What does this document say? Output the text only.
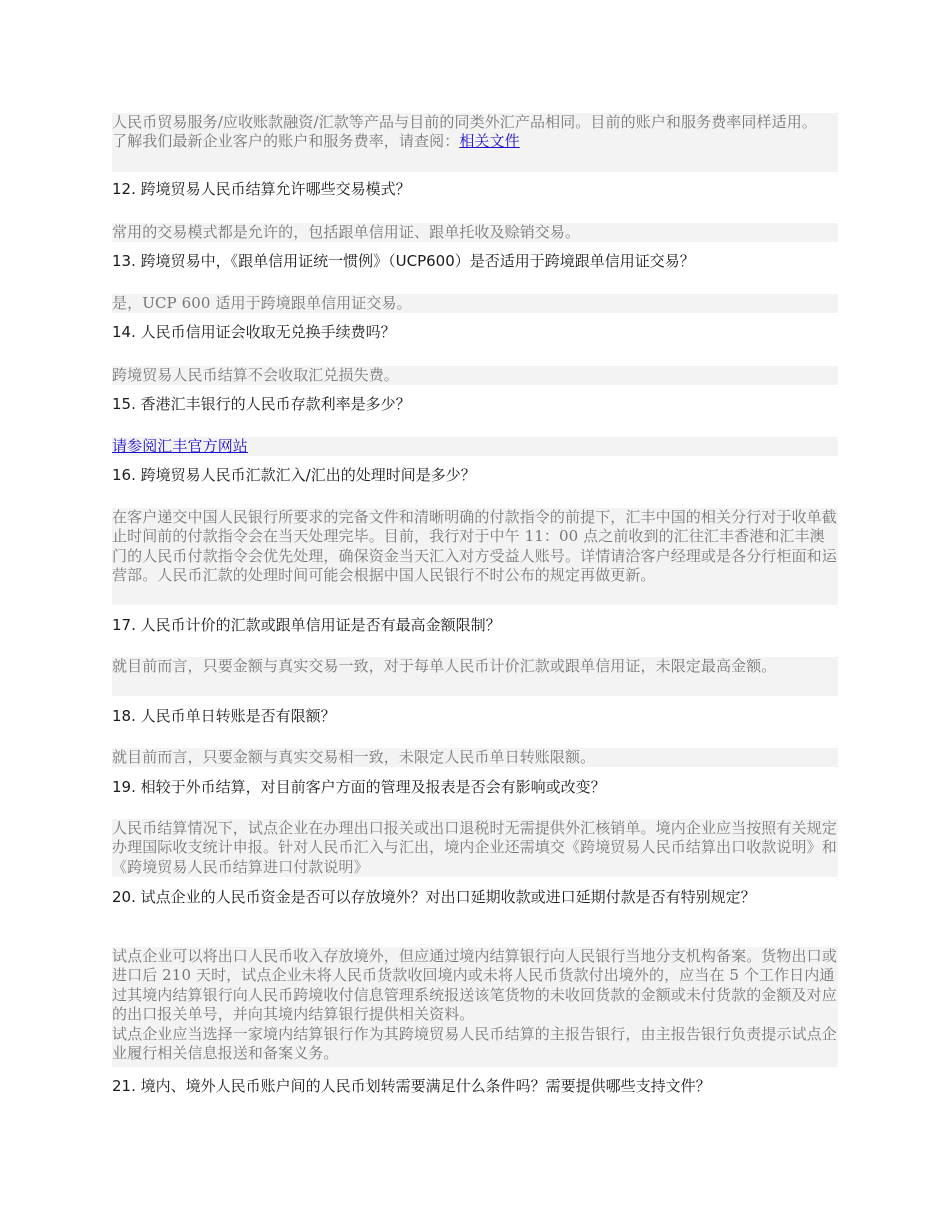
人民币贸易服务/应收账款融资/汇款等产品与目前的同类外汇产品相同。目前的账户和服务费率同样适用。

了解我们最新企业客户的账户和服务费率，请查阅：相关文件

12. 跨境贸易人民币结算允许哪些交易模式？

常用的交易模式都是允许的，包括跟单信用证、跟单托收及赊销交易。

13. 跨境贸易中，《跟单信用证统一惯例》（UCP600）是否适用于跨境跟单信用证交易？

是，UCP 600 适用于跨境跟单信用证交易。

14. 人民币信用证会收取无兑换手续费吗？

跨境贸易人民币结算不会收取汇兑损失费。

15. 香港汇丰银行的人民币存款利率是多少？

请参阅汇丰官方网站

16. 跨境贸易人民币汇款汇入/汇出的处理时间是多少？

在客户递交中国人民银行所要求的完备文件和清晰明确的付款指令的前提下，汇丰中国的相关分行对于收单截止时间前的付款指令会在当天处理完毕。目前，我行对于中午 11：00 点之前收到的汇往汇丰香港和汇丰澳门的人民币付款指令会优先处理，确保资金当天汇入对方受益人账号。详情请洽客户经理或是各分行柜面和运营部。人民币汇款的处理时间可能会根据中国人民银行不时公布的规定再做更新。

17. 人民币计价的汇款或跟单信用证是否有最高金额限制？

就目前而言，只要金额与真实交易一致，对于每单人民币计价汇款或跟单信用证，未限定最高金额。

18. 人民币单日转账是否有限额？

就目前而言，只要金额与真实交易相一致，未限定人民币单日转账限额。

19. 相较于外币结算，对目前客户方面的管理及报表是否会有影响或改变？

人民币结算情况下，试点企业在办理出口报关或出口退税时无需提供外汇核销单。境内企业应当按照有关规定办理国际收支统计申报。针对人民币汇入与汇出，境内企业还需填交《跨境贸易人民币结算出口收款说明》和《跨境贸易人民币结算进口付款说明》

20. 试点企业的人民币资金是否可以存放境外？对出口延期收款或进口延期付款是否有特别规定？

试点企业可以将出口人民币收入存放境外，但应通过境内结算银行向人民银行当地分支机构备案。货物出口或进口后 210 天时，试点企业未将人民币货款收回境内或未将人民币货款付出境外的，应当在 5 个工作日内通过其境内结算银行向人民币跨境收付信息管理系统报送该笔货物的未收回货款的金额或未付货款的金额及对应的出口报关单号，并向其境内结算银行提供相关资料。

试点企业应当选择一家境内结算银行作为其跨境贸易人民币结算的主报告银行，由主报告银行负责提示试点企业履行相关信息报送和备案义务。

21. 境内、境外人民币账户间的人民币划转需要满足什么条件吗？需要提供哪些支持文件？
